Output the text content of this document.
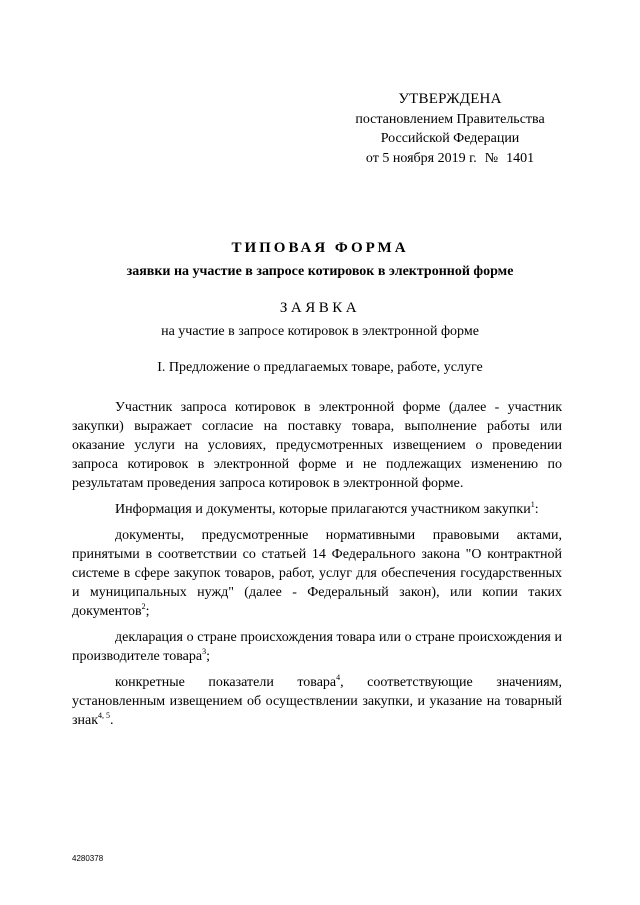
УТВЕРЖДЕНА
постановлением Правительства
Российской Федерации
от 5 ноября 2019 г. № 1401
ТИПОВАЯ ФОРМА
заявки на участие в запросе котировок в электронной форме
ЗАЯВКА
на участие в запросе котировок в электронной форме
I. Предложение о предлагаемых товаре, работе, услуге

Участник запроса котировок в электронной форме (далее - участник закупки) выражает согласие на поставку товара, выполнение работы или оказание услуги на условиях, предусмотренных извещением о проведении запроса котировок в электронной форме и не подлежащих изменению по результатам проведения запроса котировок в электронной форме.

Информация и документы, которые прилагаются участником закупки$^1$:

документы, предусмотренные нормативными правовыми актами, принятыми в соответствии со статьей 14 Федерального закона "О контрактной системе в сфере закупок товаров, работ, услуг для обеспечения государственных и муниципальных нужд" (далее - Федеральный закон), или копии таких документов$^2$;

декларация о стране происхождения товара или о стране происхождения и производителе товара$^3$;

конкретные показатели товара$^4$, соответствующие значениям, установленным извещением об осуществлении закупки, и указание на товарный знак$^{4, 5}$.

4280378
